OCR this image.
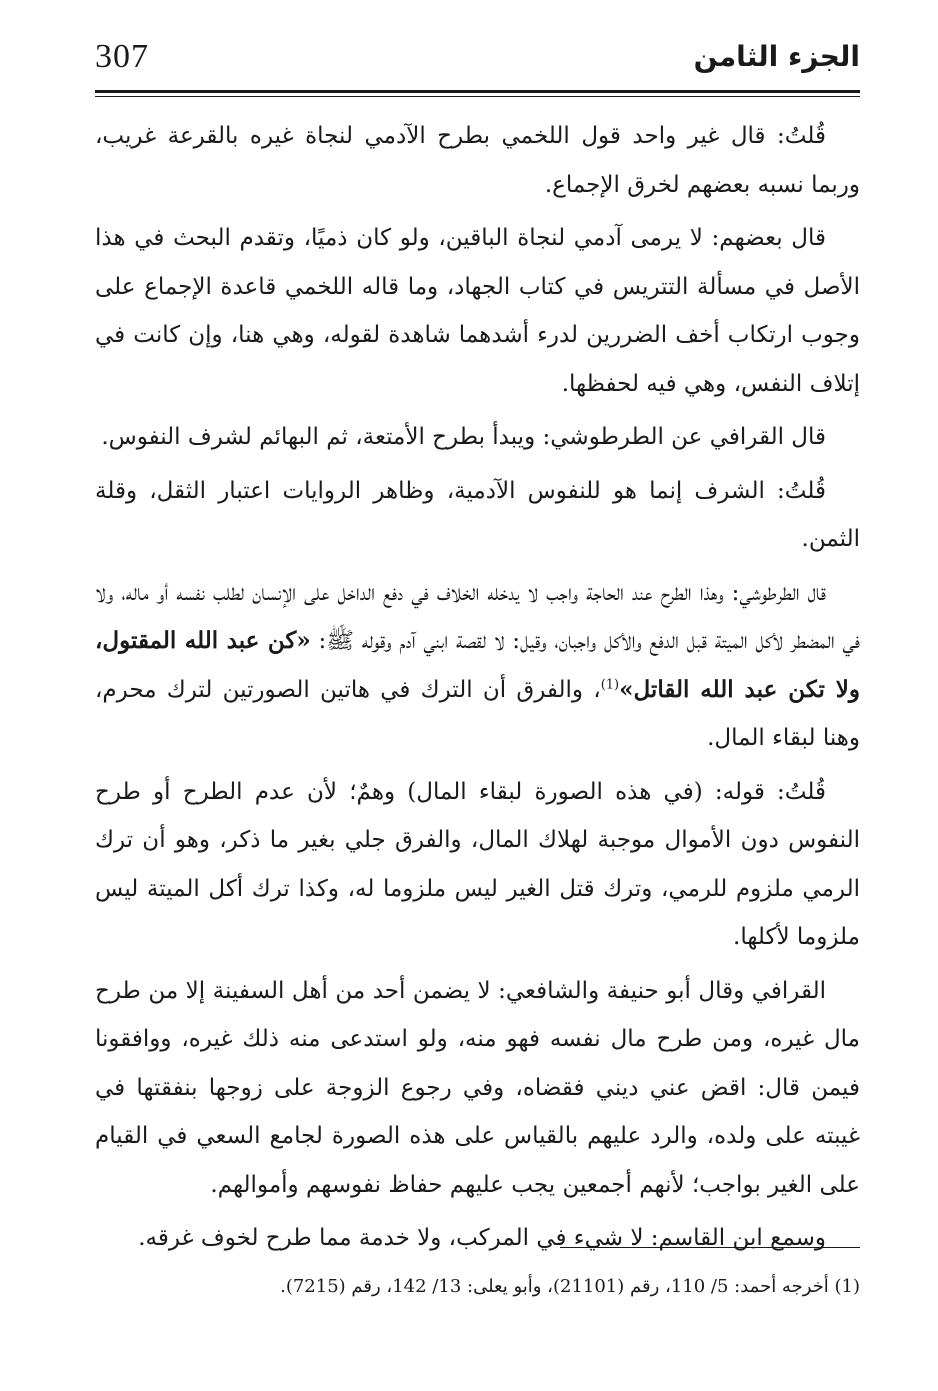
307	الجزء الثامن

قُلتُ: قال غير واحد قول اللخمي بطرح الآدمي لنجاة غيره بالقرعة غريب، وربما نسبه بعضهم لخرق الإجماع.

قال بعضهم: لا يرمى آدمي لنجاة الباقين، ولو كان ذميًا، وتقدم البحث في هذا الأصل في مسألة التتريس في كتاب الجهاد، وما قاله اللخمي قاعدة الإجماع على وجوب ارتكاب أخف الضررين لدرء أشدهما شاهدة لقوله، وهي هنا، وإن كانت في إتلاف النفس، وهي فيه لحفظها.

قال القرافي عن الطرطوشي: ويبدأ بطرح الأمتعة، ثم البهائم لشرف النفوس.

قُلتُ: الشرف إنما هو للنفوس الآدمية، وظاهر الروايات اعتبار الثقل، وقلة الثمن.

قال الطرطوشي: وهذا الطرح عند الحاجة واجب لا يدخله الخلاف في دفع الداخل على الإنسان لطلب نفسه أو ماله، ولا في المضطر لأكل الميتة قبل الدفع والأكل واجبان، وقيل: لا لقصة ابني آدم وقوله ﷺ: «كن عبد الله المقتول، ولا تكن عبد الله القاتل»$^{(1)}$، والفرق أن الترك في هاتين الصورتين لترك محرم، وهنا لبقاء المال.

قُلتُ: قوله: (في هذه الصورة لبقاء المال) وهمٌ؛ لأن عدم الطرح أو طرح النفوس دون الأموال موجبة لهلاك المال، والفرق جلي بغير ما ذكر، وهو أن ترك الرمي ملزوم للرمي، وترك قتل الغير ليس ملزوما له، وكذا ترك أكل الميتة ليس ملزوما لأكلها.

القرافي وقال أبو حنيفة والشافعي: لا يضمن أحد من أهل السفينة إلا من طرح مال غيره، ومن طرح مال نفسه فهو منه، ولو استدعى منه ذلك غيره، ووافقونا فيمن قال: اقض عني ديني فقضاه، وفي رجوع الزوجة على زوجها بنفقتها في غيبته على ولده، والرد عليهم بالقياس على هذه الصورة لجامع السعي في القيام على الغير بواجب؛ لأنهم أجمعين يجب عليهم حفاظ نفوسهم وأموالهم.

وسمع ابن القاسم: لا شيء في المركب، ولا خدمة مما طرح لخوف غرقه.

(1) أخرجه أحمد: 5/ 110، رقم (21101)، وأبو يعلى: 13/ 142، رقم (7215).
